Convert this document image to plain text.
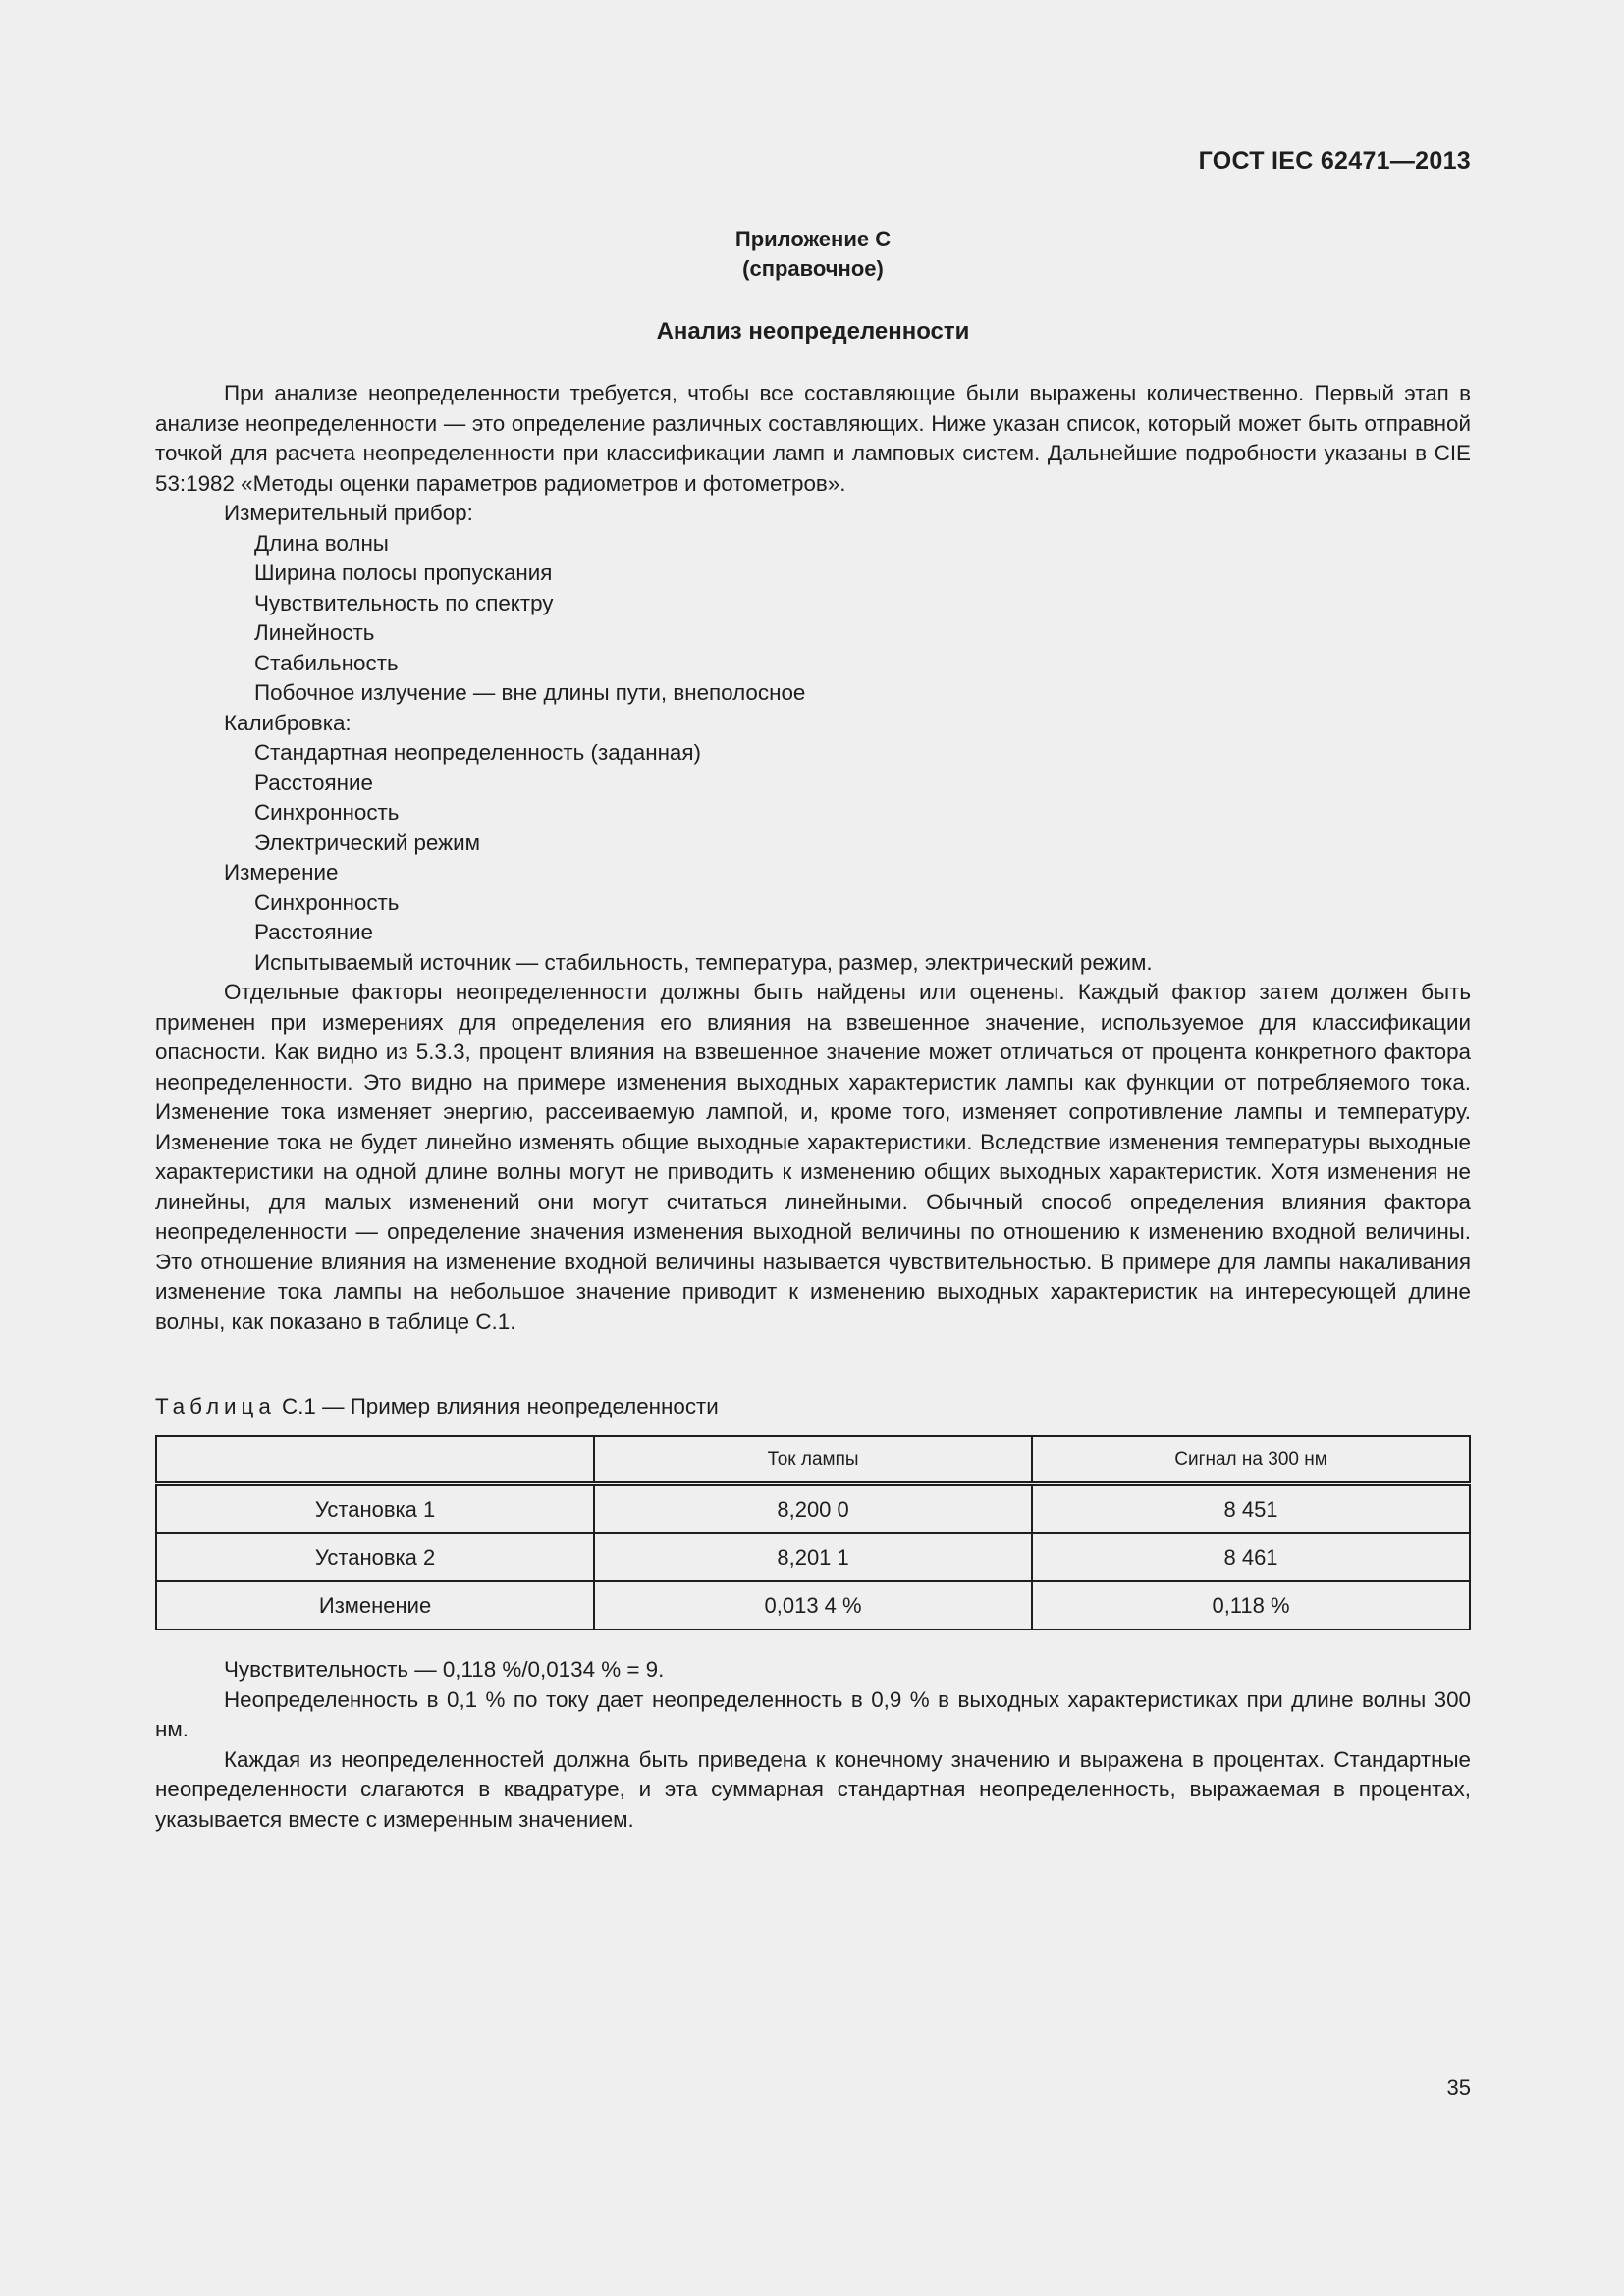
ГОСТ IEC 62471—2013
Приложение С
(справочное)
Анализ неопределенности

При анализе неопределенности требуется, чтобы все составляющие были выражены количественно. Первый этап в анализе неопределенности — это определение различных составляющих. Ниже указан список, который может быть отправной точкой для расчета неопределенности при классификации ламп и ламповых систем. Дальнейшие подробности указаны в CIE 53:1982 «Методы оценки параметров радиометров и фотометров».

Измерительный прибор:
Длина волны
Ширина полосы пропускания
Чувствительность по спектру
Линейность
Стабильность
Побочное излучение — вне длины пути, внеполосное
Калибровка:
Стандартная неопределенность (заданная)
Расстояние
Синхронность
Электрический режим
Измерение
Синхронность
Расстояние
Испытываемый источник — стабильность, температура, размер, электрический режим.

Отдельные факторы неопределенности должны быть найдены или оценены. Каждый фактор затем должен быть применен при измерениях для определения его влияния на взвешенное значение, используемое для классификации опасности. Как видно из 5.3.3, процент влияния на взвешенное значение может отличаться от процента конкретного фактора неопределенности. Это видно на примере изменения выходных характеристик лампы как функции от потребляемого тока. Изменение тока изменяет энергию, рассеиваемую лампой, и, кроме того, изменяет сопротивление лампы и температуру. Изменение тока не будет линейно изменять общие выходные характеристики. Вследствие изменения температуры выходные характеристики на одной длине волны могут не приводить к изменению общих выходных характеристик. Хотя изменения не линейны, для малых изменений они могут считаться линейными. Обычный способ определения влияния фактора неопределенности — определение значения изменения выходной величины по отношению к изменению входной величины. Это отношение влияния на изменение входной величины называется чувствительностью. В примере для лампы накаливания изменение тока лампы на небольшое значение приводит к изменению выходных характеристик на интересующей длине волны, как показано в таблице С.1.

Таблица С.1 — Пример влияния неопределенности
	Ток лампы	Сигнал на 300 нм
Установка 1	8,200 0	8 451
Установка 2	8,201 1	8 461
Изменение	0,013 4 %	0,118 %

Чувствительность — 0,118 %/0,0134 % = 9.

Неопределенность в 0,1 % по току дает неопределенность в 0,9 % в выходных характеристиках при длине волны 300 нм.

Каждая из неопределенностей должна быть приведена к конечному значению и выражена в процентах. Стандартные неопределенности слагаются в квадратуре, и эта суммарная стандартная неопределенность, выражаемая в процентах, указывается вместе с измеренным значением.

35
